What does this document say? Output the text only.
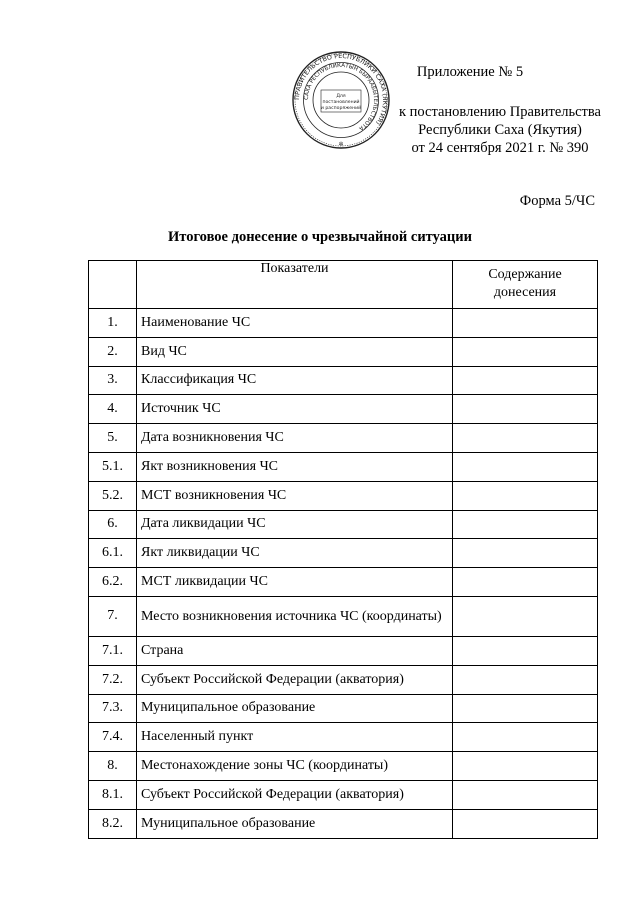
ПРАВИТЕЛЬСТВО РЕСПУБЛИКИ САХА (ЯКУТИЯ)
САХА РЕСПУБЛИКАТЫН БЫРААБЫТЕЛЬСТВОТА
Для
постановлений
и распоряжений
✲
Приложение № 5
к постановлению Правительства
Республики Саха (Якутия)
от 24 сентября 2021 г. № 390
Форма 5/ЧС
Итоговое донесение о чрезвычайной ситуации
	Показатели	Содержание донесения
1.	Наименование ЧС	
2.	Вид ЧС	
3.	Классификация ЧС	
4.	Источник ЧС	
5.	Дата возникновения ЧС	
5.1.	Якт возникновения ЧС	
5.2.	МСТ возникновения ЧС	
6.	Дата ликвидации ЧС	
6.1.	Якт ликвидации ЧС	
6.2.	МСТ ликвидации ЧС	
7.	Место возникновения источника ЧС (координаты)	
7.1.	Страна	
7.2.	Субъект Российской Федерации (акватория)	
7.3.	Муниципальное образование	
7.4.	Населенный пункт	
8.	Местонахождение зоны ЧС (координаты)	
8.1.	Субъект Российской Федерации (акватория)	
8.2.	Муниципальное образование	
